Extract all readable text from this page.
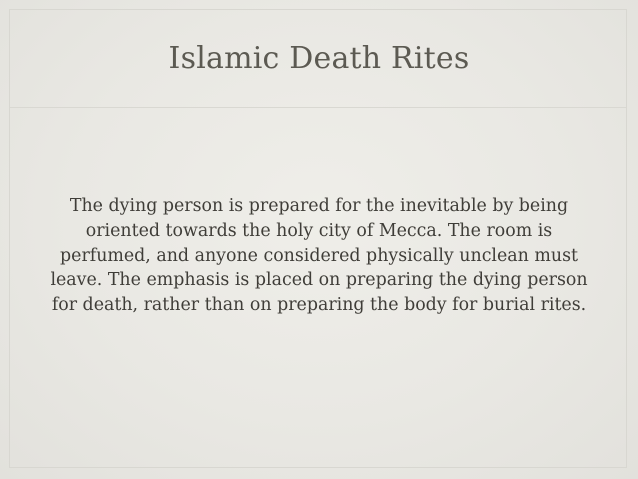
Islamic Death Rites
The dying person is prepared for the inevitable by being oriented towards the holy city of Mecca. The room is perfumed, and anyone considered physically unclean must leave. The emphasis is placed on preparing the dying person for death, rather than on preparing the body for burial rites.
